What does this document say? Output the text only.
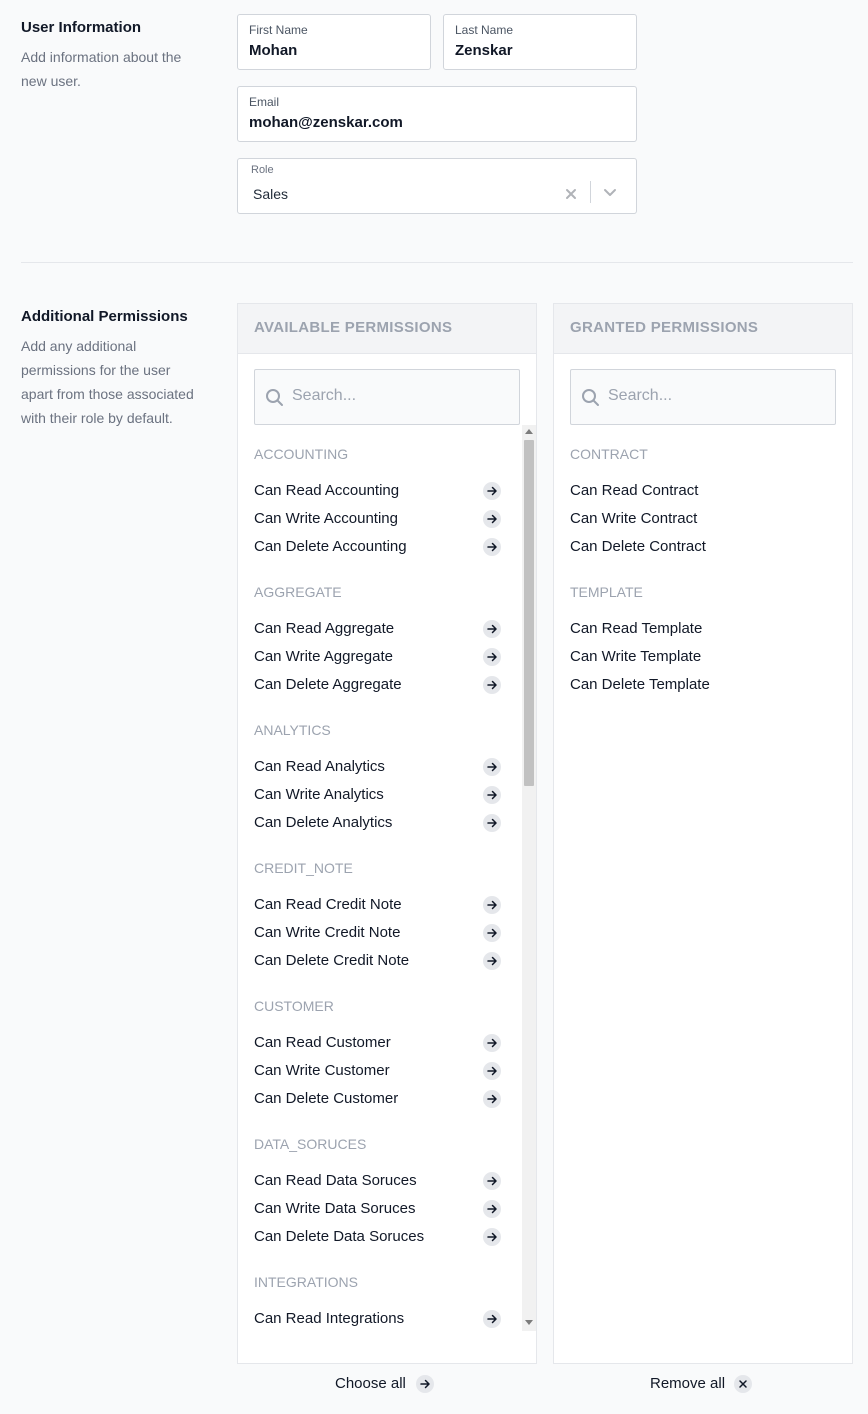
User Information
Add information about the new user.
First Name
Mohan
Last Name
Zenskar
Email
mohan@zenskar.com
Role
Sales
Additional Permissions
Add any additional permissions for the user apart from those associated with their role by default.
AVAILABLE PERMISSIONS
Search...
ACCOUNTING
Can Read Accounting
Can Write Accounting
Can Delete Accounting
AGGREGATE
Can Read Aggregate
Can Write Aggregate
Can Delete Aggregate
ANALYTICS
Can Read Analytics
Can Write Analytics
Can Delete Analytics
CREDIT_NOTE
Can Read Credit Note
Can Write Credit Note
Can Delete Credit Note
CUSTOMER
Can Read Customer
Can Write Customer
Can Delete Customer
DATA_SORUCES
Can Read Data Soruces
Can Write Data Soruces
Can Delete Data Soruces
INTEGRATIONS
Can Read Integrations
GRANTED PERMISSIONS
Search...
CONTRACT
Can Read Contract
Can Write Contract
Can Delete Contract
TEMPLATE
Can Read Template
Can Write Template
Can Delete Template
Choose all	Remove all
